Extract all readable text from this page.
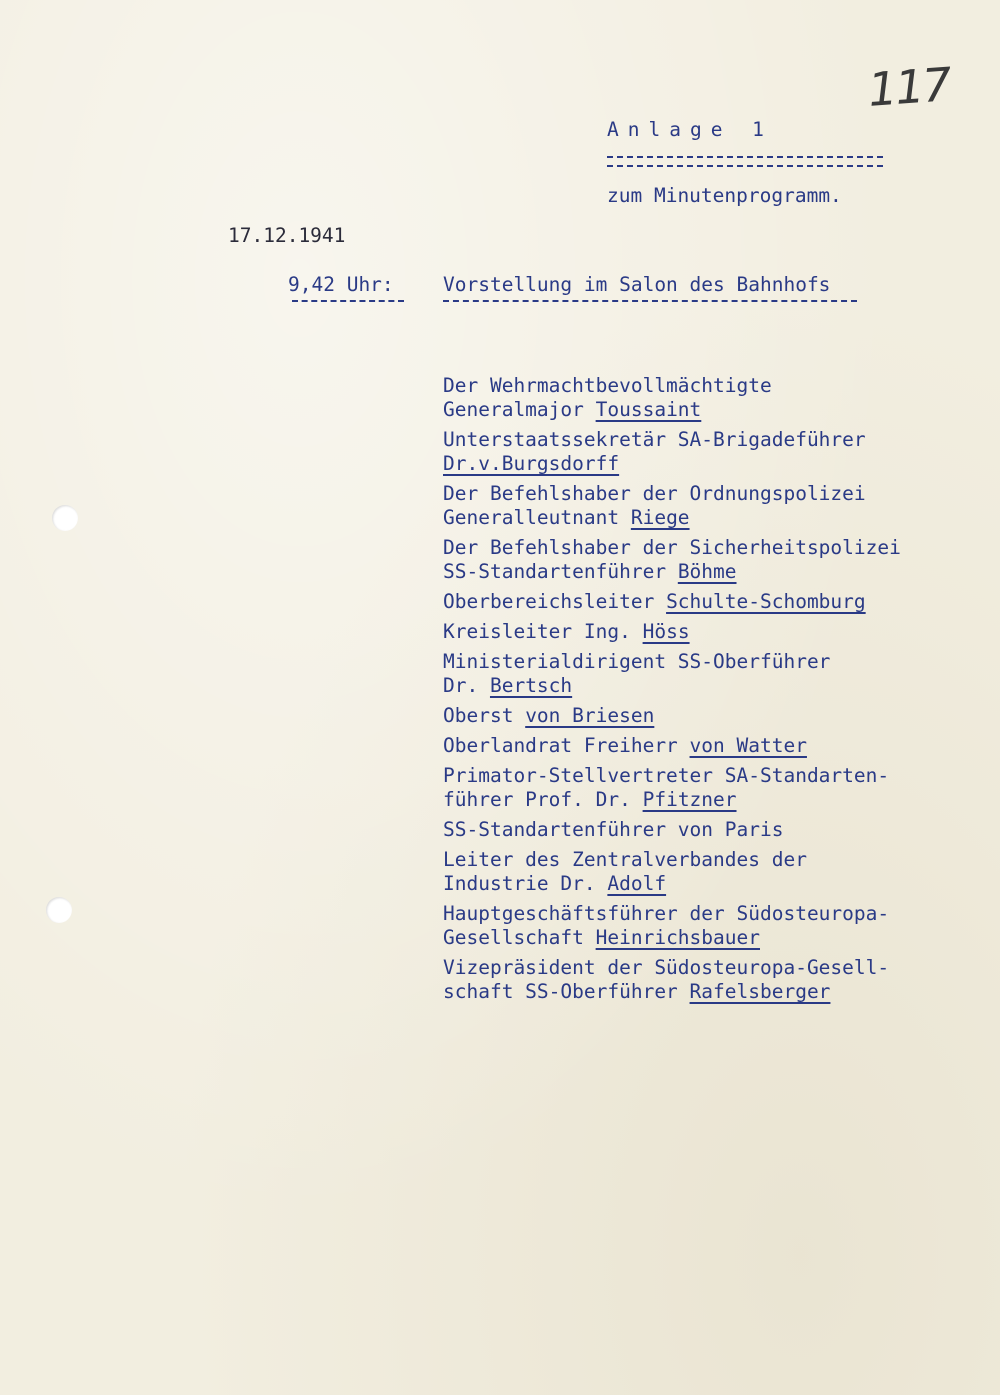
117
Anlage 1
zum Minutenprogramm.
17.12.1941
9,42 Uhr:	Vorstellung im Salon des Bahnhofs
Der Wehrmachtbevollmächtigte
Generalmajor Toussaint
Unterstaatssekretär SA-Brigadeführer
Dr.v.Burgsdorff
Der Befehlshaber der Ordnungspolizei
Generalleutnant Riege
Der Befehlshaber der Sicherheitspolizei
SS-Standartenführer Böhme
Oberbereichsleiter Schulte-Schomburg
Kreisleiter Ing. Höss
Ministerialdirigent SS-Oberführer
Dr. Bertsch
Oberst von Briesen
Oberlandrat Freiherr von Watter
Primator-Stellvertreter SA-Standarten-
führer Prof. Dr. Pfitzner
SS-Standartenführer von Paris
Leiter des Zentralverbandes der
Industrie Dr. Adolf
Hauptgeschäftsführer der Südosteuropa-
Gesellschaft Heinrichsbauer
Vizepräsident der Südosteuropa-Gesell-
schaft SS-Oberführer Rafelsberger
